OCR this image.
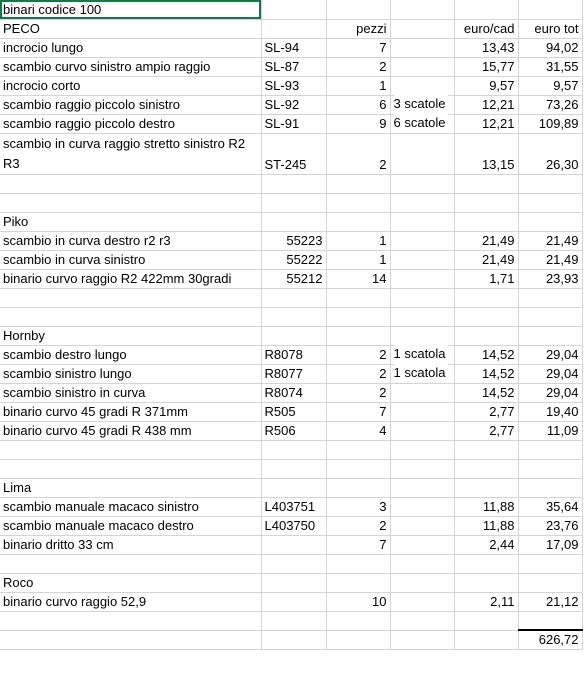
binari codice 100					
PECO		pezzi		euro/cad	euro tot
incrocio lungo	SL-94	7		13,43	94,02
scambio curvo sinistro ampio raggio	SL-87	2		15,77	31,55
incrocio corto	SL-93	1		9,57	9,57
scambio raggio piccolo sinistro	SL-92	6	3 scatole	12,21	73,26
scambio raggio piccolo destro	SL-91	9	6 scatole	12,21	109,89
scambio in curva raggio stretto sinistro R2 R3	ST-245	2		13,15	26,30

Piko					
scambio in curva destro r2 r3	55223	1		21,49	21,49
scambio in curva sinistro	55222	1		21,49	21,49
binario curvo raggio R2 422mm 30gradi	55212	14		1,71	23,93

Hornby					
scambio destro lungo	R8078	2	1 scatola	14,52	29,04
scambio sinistro lungo	R8077	2	1 scatola	14,52	29,04
scambio sinistro in curva	R8074	2		14,52	29,04
binario curvo 45 gradi R 371mm	R505	7		2,77	19,40
binario curvo 45 gradi R 438 mm	R506	4		2,77	11,09

Lima					
scambio manuale macaco sinistro	L403751	3		11,88	35,64
scambio manuale macaco destro	L403750	2		11,88	23,76
binario dritto 33 cm		7		2,44	17,09

Roco					
binario curvo raggio 52,9		10		2,11	21,12

					626,72
